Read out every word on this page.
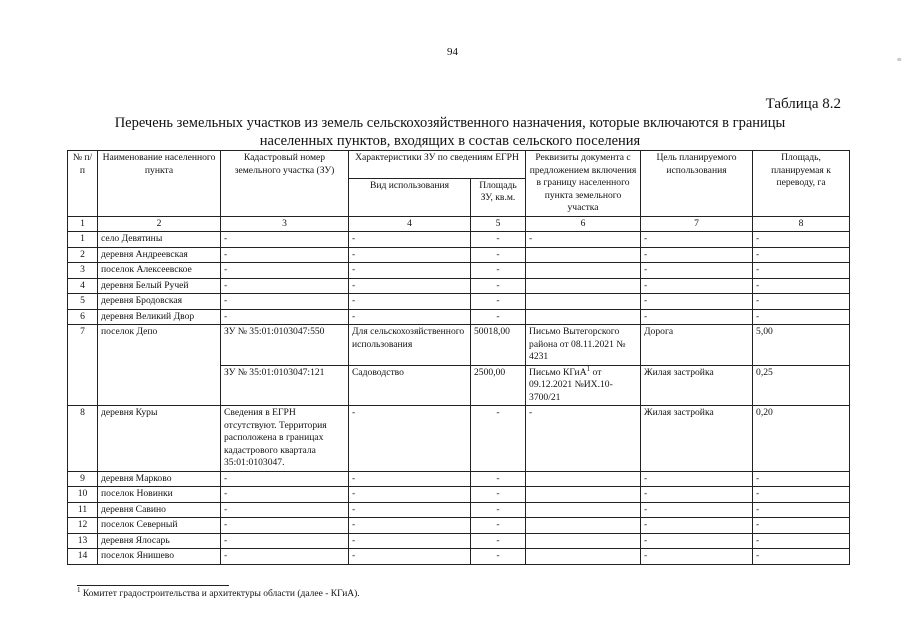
94
≡
Таблица 8.2
Перечень земельных участков из земель сельскохозяйственного назначения, которые включаются в границы населенных пунктов, входящих в состав сельского поселения
№ п/п	Наименование населенного пункта	Кадастровый номер земельного участка (ЗУ)	Характеристики ЗУ по сведениям ЕГРН		Реквизиты документа с предложением включения в границу населенного пункта земельного участка	Цель планируемого использования	Площадь, планируемая к переводу, га
			Вид использования	Площадь ЗУ, кв.м.			
1	2	3	4	5	6	7	8
1	село Девятины	-	-	-	-	-	-
2	деревня Андреевская	-	-	-		-	-
3	поселок Алексеевское	-	-	-		-	-
4	деревня Белый Ручей	-	-	-		-	-
5	деревня Бродовская	-	-	-		-	-
6	деревня Великий Двор	-	-	-		-	-
7	поселок Депо	ЗУ № 35:01:0103047:550	Для сельскохозяйственного использования	50018,00	Письмо Вытегорского района от 08.11.2021 № 4231	Дорога	5,00
		ЗУ № 35:01:0103047:121	Садоводство	2500,00	Письмо КГиА$^1$ от 09.12.2021 №ИХ.10-3700/21	Жилая застройка	0,25
8	деревня Куры	Сведения в ЕГРН отсутствуют. Территория расположена в границах кадастрового квартала 35:01:0103047.	-	-	-	Жилая застройка	0,20
9	деревня Марково	-	-	-		-	-
10	поселок Новинки	-	-	-		-	-
11	деревня Савино	-	-	-		-	-
12	поселок Северный	-	-	-		-	-
13	деревня Ялосарь	-	-	-		-	-
14	поселок Янишево	-	-	-		-	-
$^1$ Комитет градостроительства и архитектуры области (далее - КГиА).
